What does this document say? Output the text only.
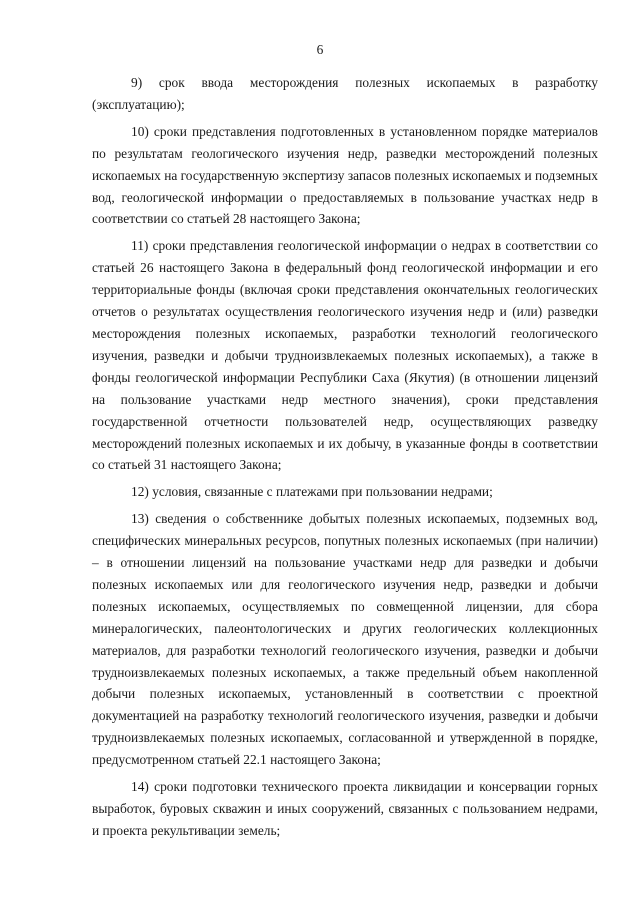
6

9) срок ввода месторождения полезных ископаемых в разработку (эксплуатацию);

10) сроки представления подготовленных в установленном порядке материалов по результатам геологического изучения недр, разведки месторождений полезных ископаемых на государственную экспертизу запасов полезных ископаемых и подземных вод, геологической информации о предоставляемых в пользование участках недр в соответствии со статьей 28 настоящего Закона;

11) сроки представления геологической информации о недрах в соответствии со статьей 26 настоящего Закона в федеральный фонд геологической информации и его территориальные фонды (включая сроки представления окончательных геологических отчетов о результатах осуществления геологического изучения недр и (или) разведки месторождения полезных ископаемых, разработки технологий геологического изучения, разведки и добычи трудноизвлекаемых полезных ископаемых), а также в фонды геологической информации Республики Саха (Якутия) (в отношении лицензий на пользование участками недр местного значения), сроки представления государственной отчетности пользователей недр, осуществляющих разведку месторождений полезных ископаемых и их добычу, в указанные фонды в соответствии со статьей 31 настоящего Закона;

12) условия, связанные с платежами при пользовании недрами;

13) сведения о собственнике добытых полезных ископаемых, подземных вод, специфических минеральных ресурсов, попутных полезных ископаемых (при наличии) – в отношении лицензий на пользование участками недр для разведки и добычи полезных ископаемых или для геологического изучения недр, разведки и добычи полезных ископаемых, осуществляемых по совмещенной лицензии, для сбора минералогических, палеонтологических и других геологических коллекционных материалов, для разработки технологий геологического изучения, разведки и добычи трудноизвлекаемых полезных ископаемых, а также предельный объем накопленной добычи полезных ископаемых, установленный в соответствии с проектной документацией на разработку технологий геологического изучения, разведки и добычи трудноизвлекаемых полезных ископаемых, согласованной и утвержденной в порядке, предусмотренном статьей 22.1 настоящего Закона;

14) сроки подготовки технического проекта ликвидации и консервации горных выработок, буровых скважин и иных сооружений, связанных с пользованием недрами, и проекта рекультивации земель;
